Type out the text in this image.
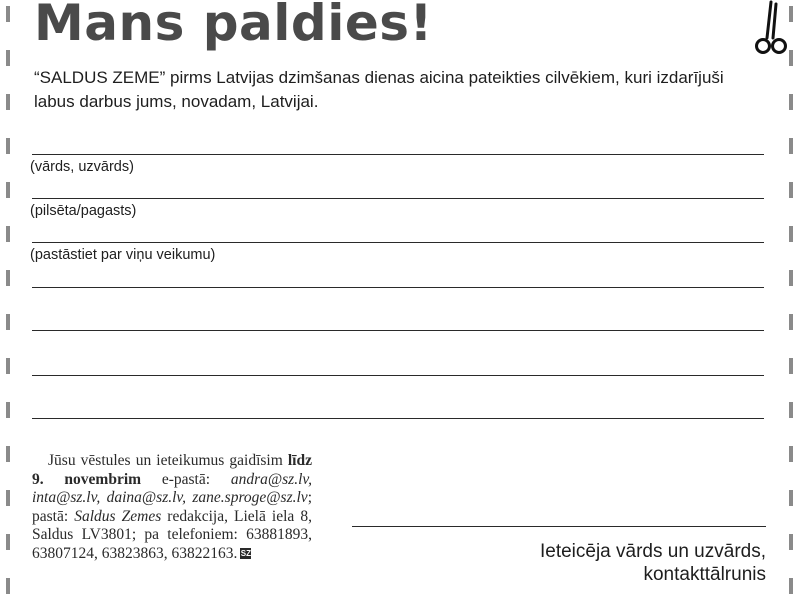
Mans paldies!
“SALDUS ZEME” pirms Latvijas dzimšanas dienas aicina pateikties cilvēkiem, kuri izdarījuši labus darbus jums, novadam, Latvijai.
(vārds, uzvārds)
(pilsēta/pagasts)
(pastāstiet par viņu veikumu)
Jūsu vēstules un ieteikumus gaidīsim līdz 9. novembrim e-pastā: andra@sz.lv, inta@sz.lv, daina@sz.lv, zane.sproge@sz.lv; pastā: Saldus Zemes redakcija, Lielā iela 8, Saldus LV3801; pa telefoniem: 63881893, 63807124, 63823863, 63822163. SZ	Ieteicēja vārds un uzvārds,
kontakttālrunis
